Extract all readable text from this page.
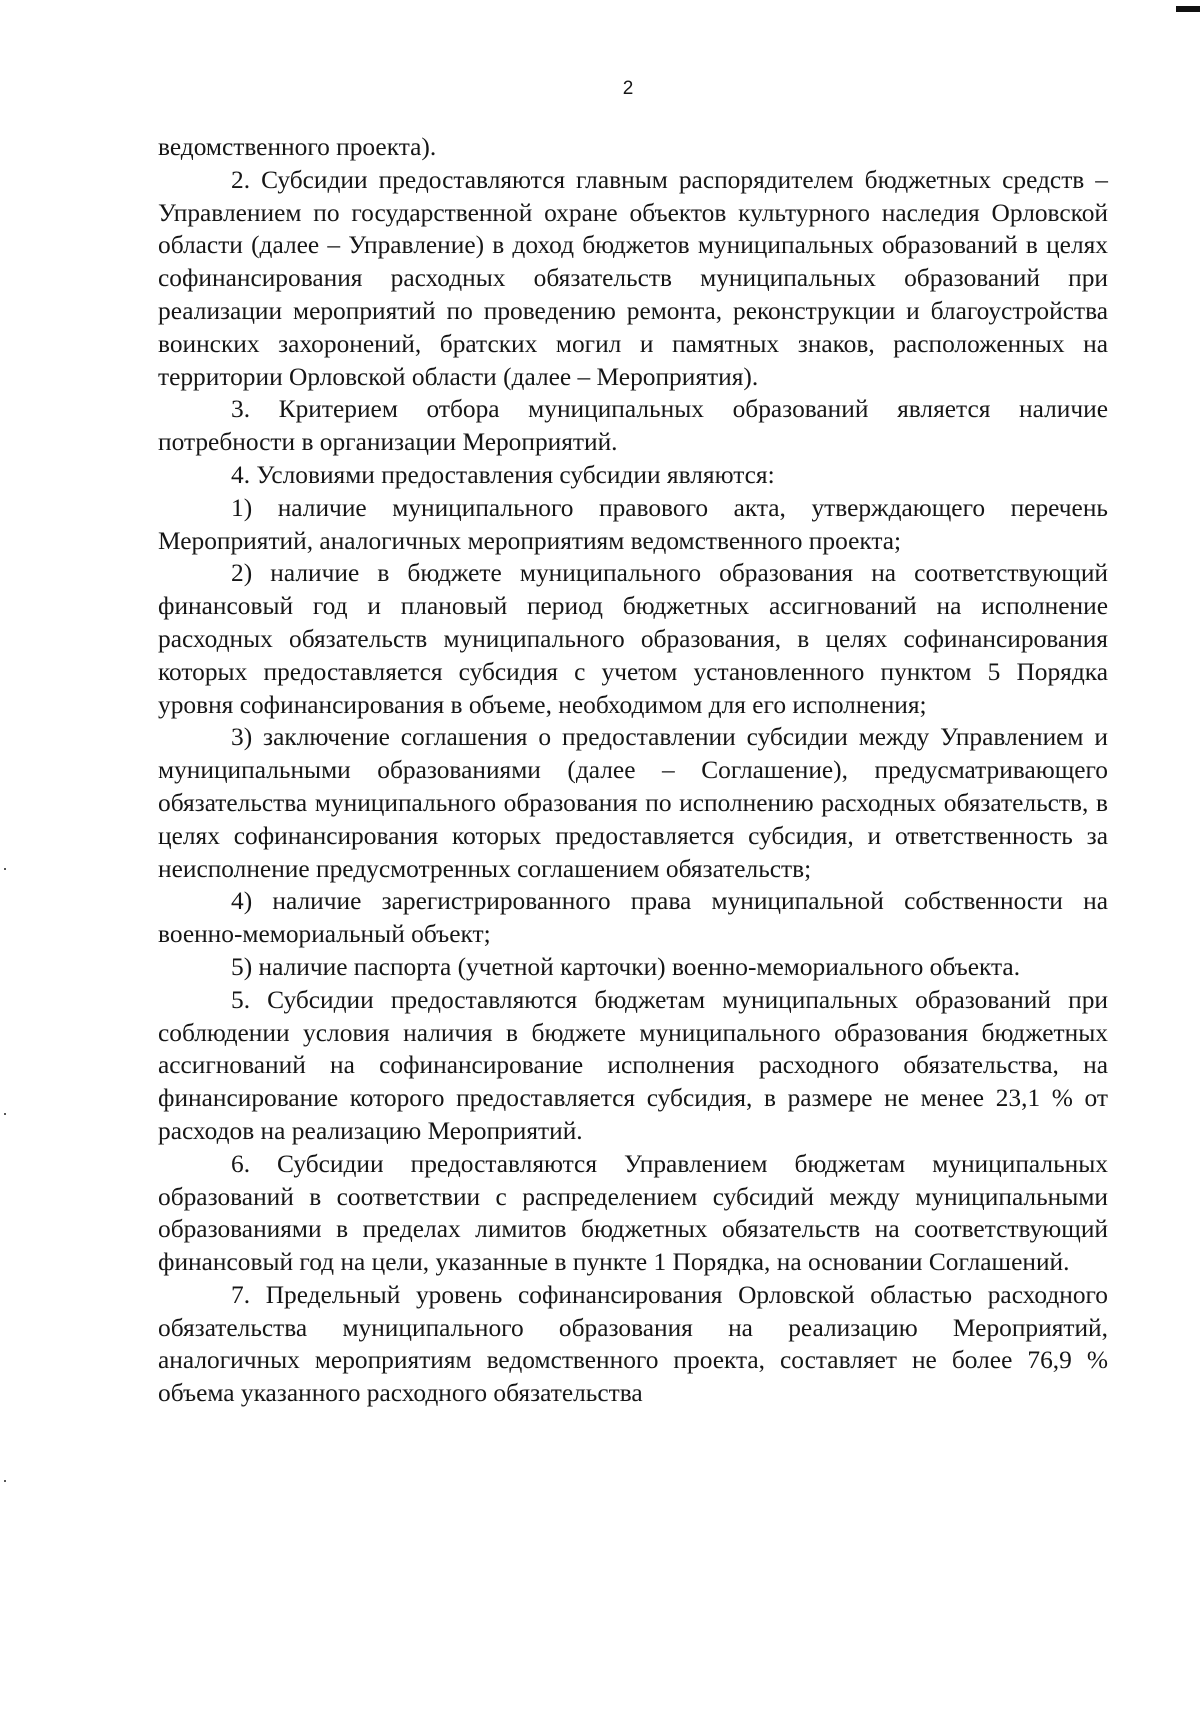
2

ведомственного проекта).

2. Субсидии предоставляются главным распорядителем бюджетных средств – Управлением по государственной охране объектов культурного наследия Орловской области (далее – Управление) в доход бюджетов муниципальных образований в целях софинансирования расходных обязательств муниципальных образований при реализации мероприятий по проведению ремонта, реконструкции и благоустройства воинских захоронений, братских могил и памятных знаков, расположенных на территории Орловской области (далее – Мероприятия).

3. Критерием отбора муниципальных образований является наличие потребности в организации Мероприятий.

4. Условиями предоставления субсидии являются:

1) наличие муниципального правового акта, утверждающего перечень Мероприятий, аналогичных мероприятиям ведомственного проекта;

2) наличие в бюджете муниципального образования на соответствующий финансовый год и плановый период бюджетных ассигнований на исполнение расходных обязательств муниципального образования, в целях софинансирования которых предоставляется субсидия с учетом установленного пунктом 5 Порядка уровня софинансирования в объеме, необходимом для его исполнения;

3) заключение соглашения о предоставлении субсидии между Управлением и муниципальными образованиями (далее – Соглашение), предусматривающего обязательства муниципального образования по исполнению расходных обязательств, в целях софинансирования которых предоставляется субсидия, и ответственность за неисполнение предусмотренных соглашением обязательств;

4) наличие зарегистрированного права муниципальной собственности на военно-мемориальный объект;

5) наличие паспорта (учетной карточки) военно-мемориального объекта.

5. Субсидии предоставляются бюджетам муниципальных образований при соблюдении условия наличия в бюджете муниципального образования бюджетных ассигнований на софинансирование исполнения расходного обязательства, на финансирование которого предоставляется субсидия, в размере не менее 23,1 % от расходов на реализацию Мероприятий.

6. Субсидии предоставляются Управлением бюджетам муниципальных образований в соответствии с распределением субсидий между муниципальными образованиями в пределах лимитов бюджетных обязательств на соответствующий финансовый год на цели, указанные в пункте 1 Порядка, на основании Соглашений.

7. Предельный уровень софинансирования Орловской областью расходного обязательства муниципального образования на реализацию Мероприятий, аналогичных мероприятиям ведомственного проекта, составляет не более 76,9 % объема указанного расходного обязательства
